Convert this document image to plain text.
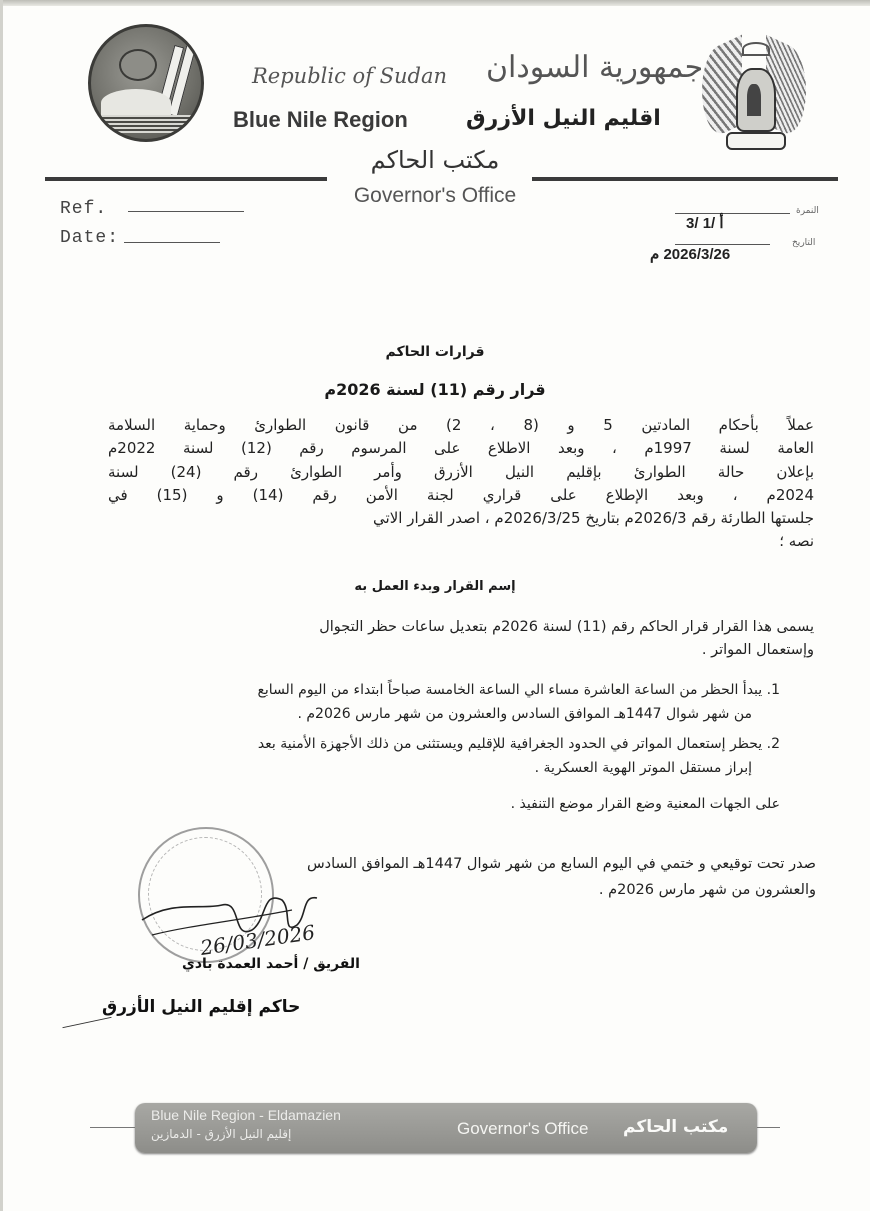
Republic of Sudan
Blue Nile Region
جمهورية السودان
اقليم النيل الأزرق
مكتب الحاكم
Governor's Office
Ref.
Date:
النمرة
3/ أ /1
التاريخ
2026/3/26 م
قرارات الحاكم
قرار رقم (11) لسنة 2026م
عملاً بأحكام المادتين 5 و (8 ، 2) من قانون الطوارئ وحماية السلامة
العامة لسنة 1997م ، وبعد الاطلاع على المرسوم رقم (12) لسنة 2022م
بإعلان حالة الطوارئ بإقليم النيل الأزرق وأمر الطوارئ رقم (24) لسنة
2024م ، وبعد الإطلاع على قراري لجنة الأمن رقم (14) و (15) في
جلستها الطارئة رقم 2026/3م بتاريخ 2026/3/25م ، اصدر القرار الاتي
نصه ؛
إسم القرار وبدء العمل به
يسمى هذا القرار قرار الحاكم رقم (11) لسنة 2026م بتعديل ساعات حظر التجوال
وإستعمال المواتر .
1. يبدأ الحظر من الساعة العاشرة مساء الي الساعة الخامسة صباحاً ابتداء من اليوم السابع
من شهر شوال 1447هـ الموافق السادس والعشرون من شهر مارس 2026م .
2. يحظر إستعمال المواتر في الحدود الجغرافية للإقليم ويستثنى من ذلك الأجهزة الأمنية بعد
إبراز مستقل الموتر الهوية العسكرية .
على الجهات المعنية وضع القرار موضع التنفيذ .
صدر تحت توقيعي و ختمي في اليوم السابع من شهر شوال 1447هـ الموافق السادس
والعشرون من شهر مارس 2026م .
26/03/2026
الفريق / أحمد العمدة بادي
حاكم إقليم النيل الأزرق
Blue Nile Region - Eldamazien
إقليم النيل الأزرق - الدمازين	Governor's Office مكتب الحاكم
